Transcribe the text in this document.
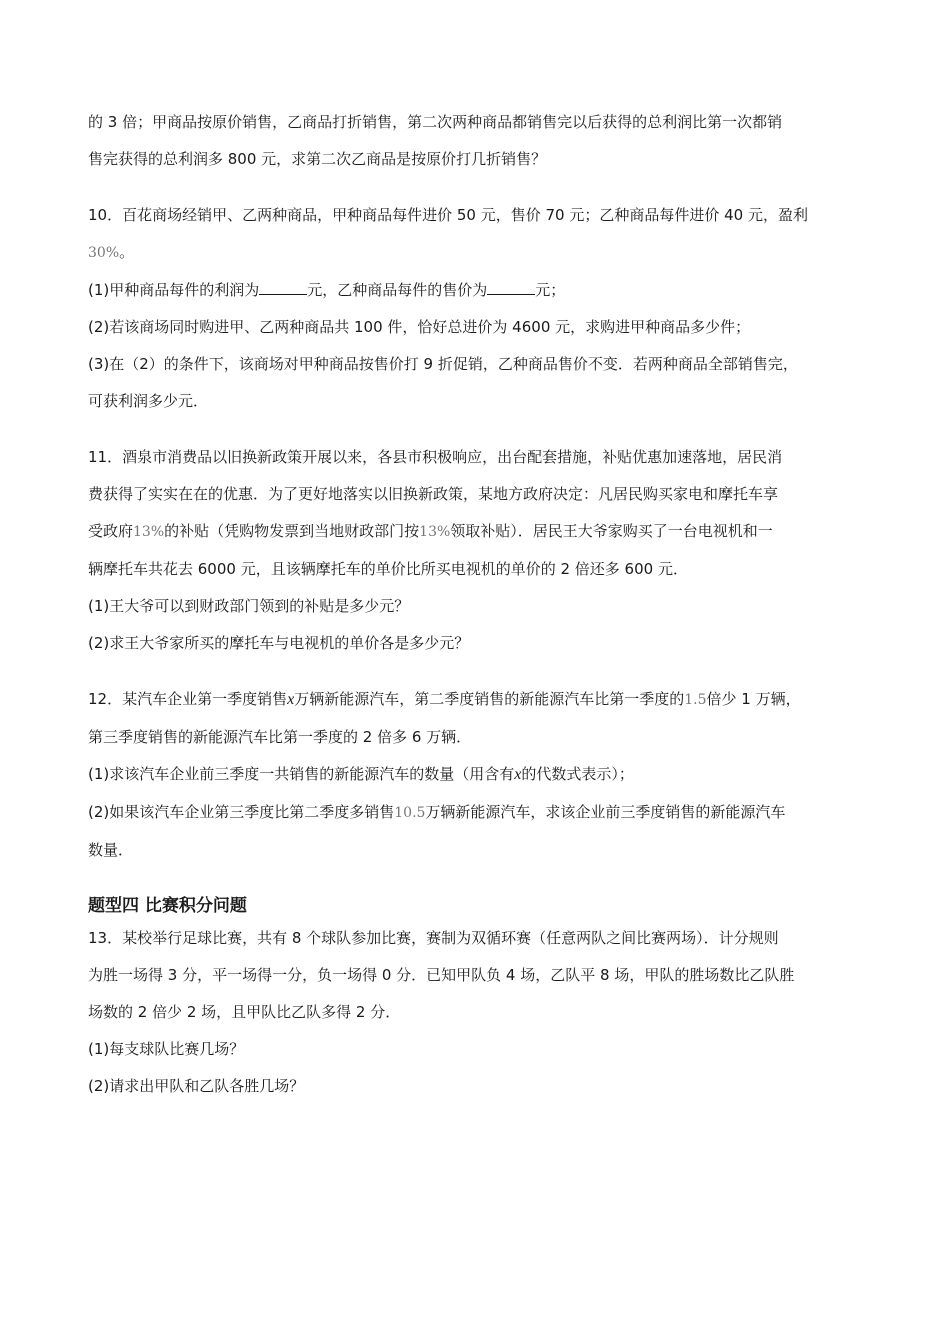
的 3 倍；甲商品按原价销售，乙商品打折销售，第二次两种商品都销售完以后获得的总利润比第一次都销

售完获得的总利润多 800 元，求第二次乙商品是按原价打几折销售？

10．百花商场经销甲、乙两种商品，甲种商品每件进价 50 元，售价 70 元；乙种商品每件进价 40 元，盈利

30%。

(1)甲种商品每件的利润为	元，乙种商品每件的售价为	元；

(2)若该商场同时购进甲、乙两种商品共 100 件，恰好总进价为 4600 元，求购进甲种商品多少件；

(3)在（2）的条件下，该商场对甲种商品按售价打 9 折促销，乙种商品售价不变．若两种商品全部销售完，

可获利润多少元．

11．酒泉市消费品以旧换新政策开展以来，各县市积极响应，出台配套措施，补贴优惠加速落地，居民消

费获得了实实在在的优惠．为了更好地落实以旧换新政策，某地方政府决定：凡居民购买家电和摩托车享

受政府13%的补贴（凭购物发票到当地财政部门按13%领取补贴）．居民王大爷家购买了一台电视机和一

辆摩托车共花去 6000 元，且该辆摩托车的单价比所买电视机的单价的 2 倍还多 600 元．

(1)王大爷可以到财政部门领到的补贴是多少元？

(2)求王大爷家所买的摩托车与电视机的单价各是多少元？

12．某汽车企业第一季度销售x万辆新能源汽车，第二季度销售的新能源汽车比第一季度的1.5倍少 1 万辆，

第三季度销售的新能源汽车比第一季度的 2 倍多 6 万辆．

(1)求该汽车企业前三季度一共销售的新能源汽车的数量（用含有x的代数式表示）；

(2)如果该汽车企业第三季度比第二季度多销售10.5万辆新能源汽车，求该企业前三季度销售的新能源汽车

数量．

题型四 比赛积分问题

13．某校举行足球比赛，共有 8 个球队参加比赛，赛制为双循环赛（任意两队之间比赛两场）．计分规则

为胜一场得 3 分，平一场得一分，负一场得 0 分．已知甲队负 4 场，乙队平 8 场，甲队的胜场数比乙队胜

场数的 2 倍少 2 场，且甲队比乙队多得 2 分．

(1)每支球队比赛几场？

(2)请求出甲队和乙队各胜几场？
